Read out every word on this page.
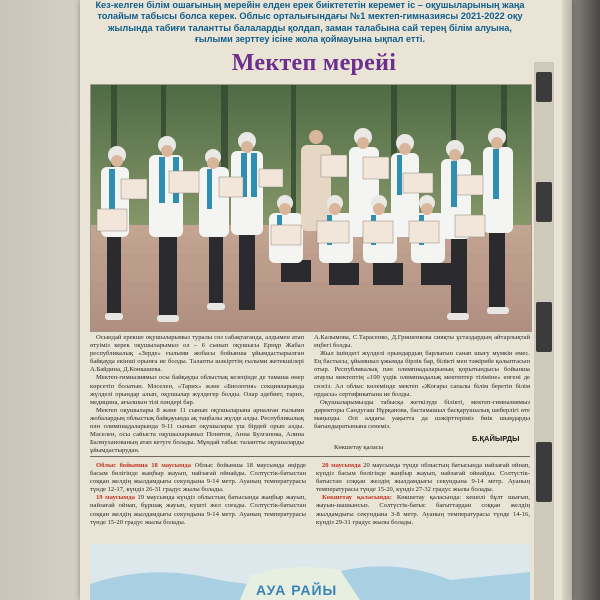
Кез-келген білім ошағының мерейін елден ерек биіктететін керемет іс – оқушыларының жаңа толайым табысы болса керек. Облыс орталығындағы №1 мектеп-гимназиясы 2021-2022 оқу жылында табиғи талантты балаларды қолдап, заман талабына сай терең білім алуына, ғылыми зерттеу ісіне жола қоймауына ықпал етті.
Мектеп мерейі

Осындай ерекше оқушыларымыз туралы сөз сабақтағанда, алдымен атап өтуіміз керек оқушыларымыз ол – 6 сынып оқушысы Ернұр Жабал республикалық «Зерде» ғылыми жобасы бойынша ұйымдастырылған байқауда екінші орынға ие болды. Талапты шәкірттің ғылыми жетекшілері А.Байдина, Д.Конкашева.

Мектеп-гимназиямыз осы байқауды облыстық кезеңінде де тамаша өнер көрсетіп болатын. Мәселен, «Тарих» және «Биология» секцияларында жүлделі орындар алып, оқушылар жүлдегер болды. Олар әдебиет, тарих, медицина, ағылшын тілі пәндері бар.

Мектеп оқушылары 8 және 11 сынып оқушыларына арналған ғылыми жобалардың облыстық байқауында ақ таңбалы жүлде алды. Республикалық пән олимпиадаларында 9-11 сынып оқушылары үш бірдей орын алды. Мәселен, осы сайыста оқушыларымыз Понятов, Анна Булганова, Алина Балмуханованың атап кетуге болады. Мұндай табыс талантты оқушыларды ұйымдастырудан.

А.Калымова, С.Тарасенко, Д.Гришенкова сияқты ұстаздардың айтарлықтай еңбегі болды.

Жыл ішіндегі жүлделі орындардың барлығын санап шығу мүмкін емес. Ең бастысы, ұйымшыл ұжымда бірлік бар, білікті мен тәжірибе қалыптасып отыр. Республикалық пән олимпиадаларының қорытындысы бойынша атаулы мектептің «100 үздік олимпиадалық мектептер тізіміне» енгені де сөзсіз. Ал облыс көлемінде мектеп «Жоғары сапалы білім беретін білім ордасы» сертификатына ие болды.

Оқушыларымызды табысқа жеткізуде білікті, мектеп-гимназиямыз директоры Сандугаш Нұрқанова, бастамашыл басқарушылық шеберлігі өте маңызды. Әлі алдағы уақытта да шәкірттеріміз биік шыңдарды бағындыратынына сенеміз.

Көкшетау қаласы
Б.ҚАЙЫРДЫ

Облыс бойынша 18 маусымда Облыс бойынша 18 маусымда өңірде басым бөлігінде жаңбыр жауып, найзағай ойнайды. Солтүстік-батыстан соққан желдің жылдамдығы секундына 9-14 метр. Ауаның температурасы түнде 12-17, күндіз 26-31 градус жылы болады.

19 маусымда 19 маусымда күндіз облыстың батысында жаңбыр жауып, найзағай ойнап, бұршақ жауып, күшті жел соғады. Солтүстік-батыстан соққан желдің жылдамдығы секундына 9-14 метр. Ауаның температурасы түнде 15-20 градус жылы болады.

20 маусымда 20 маусымда түнде облыстың батысында найзағай ойнап, күндіз басым бөлігінде жаңбыр жауып, найзағай ойнайды. Солтүстік-батыстан соққан желдің жылдамдығы секундына 9-14 метр. Ауаның температурасы түнде 15-20, күндіз 27-32 градус жылы болады.

Көкшетау қаласында: Көкшетау қаласында: кешелі бұлт шығып, жауын-шашынсыз. Солтүстік-батыс бағыттардан соққан желдің жылдамдығы секундына 3-8 метр. Ауаның температурасы түнде 14-16, күндіз 29-31 градус жылы болады.

АУА РАЙЫ
